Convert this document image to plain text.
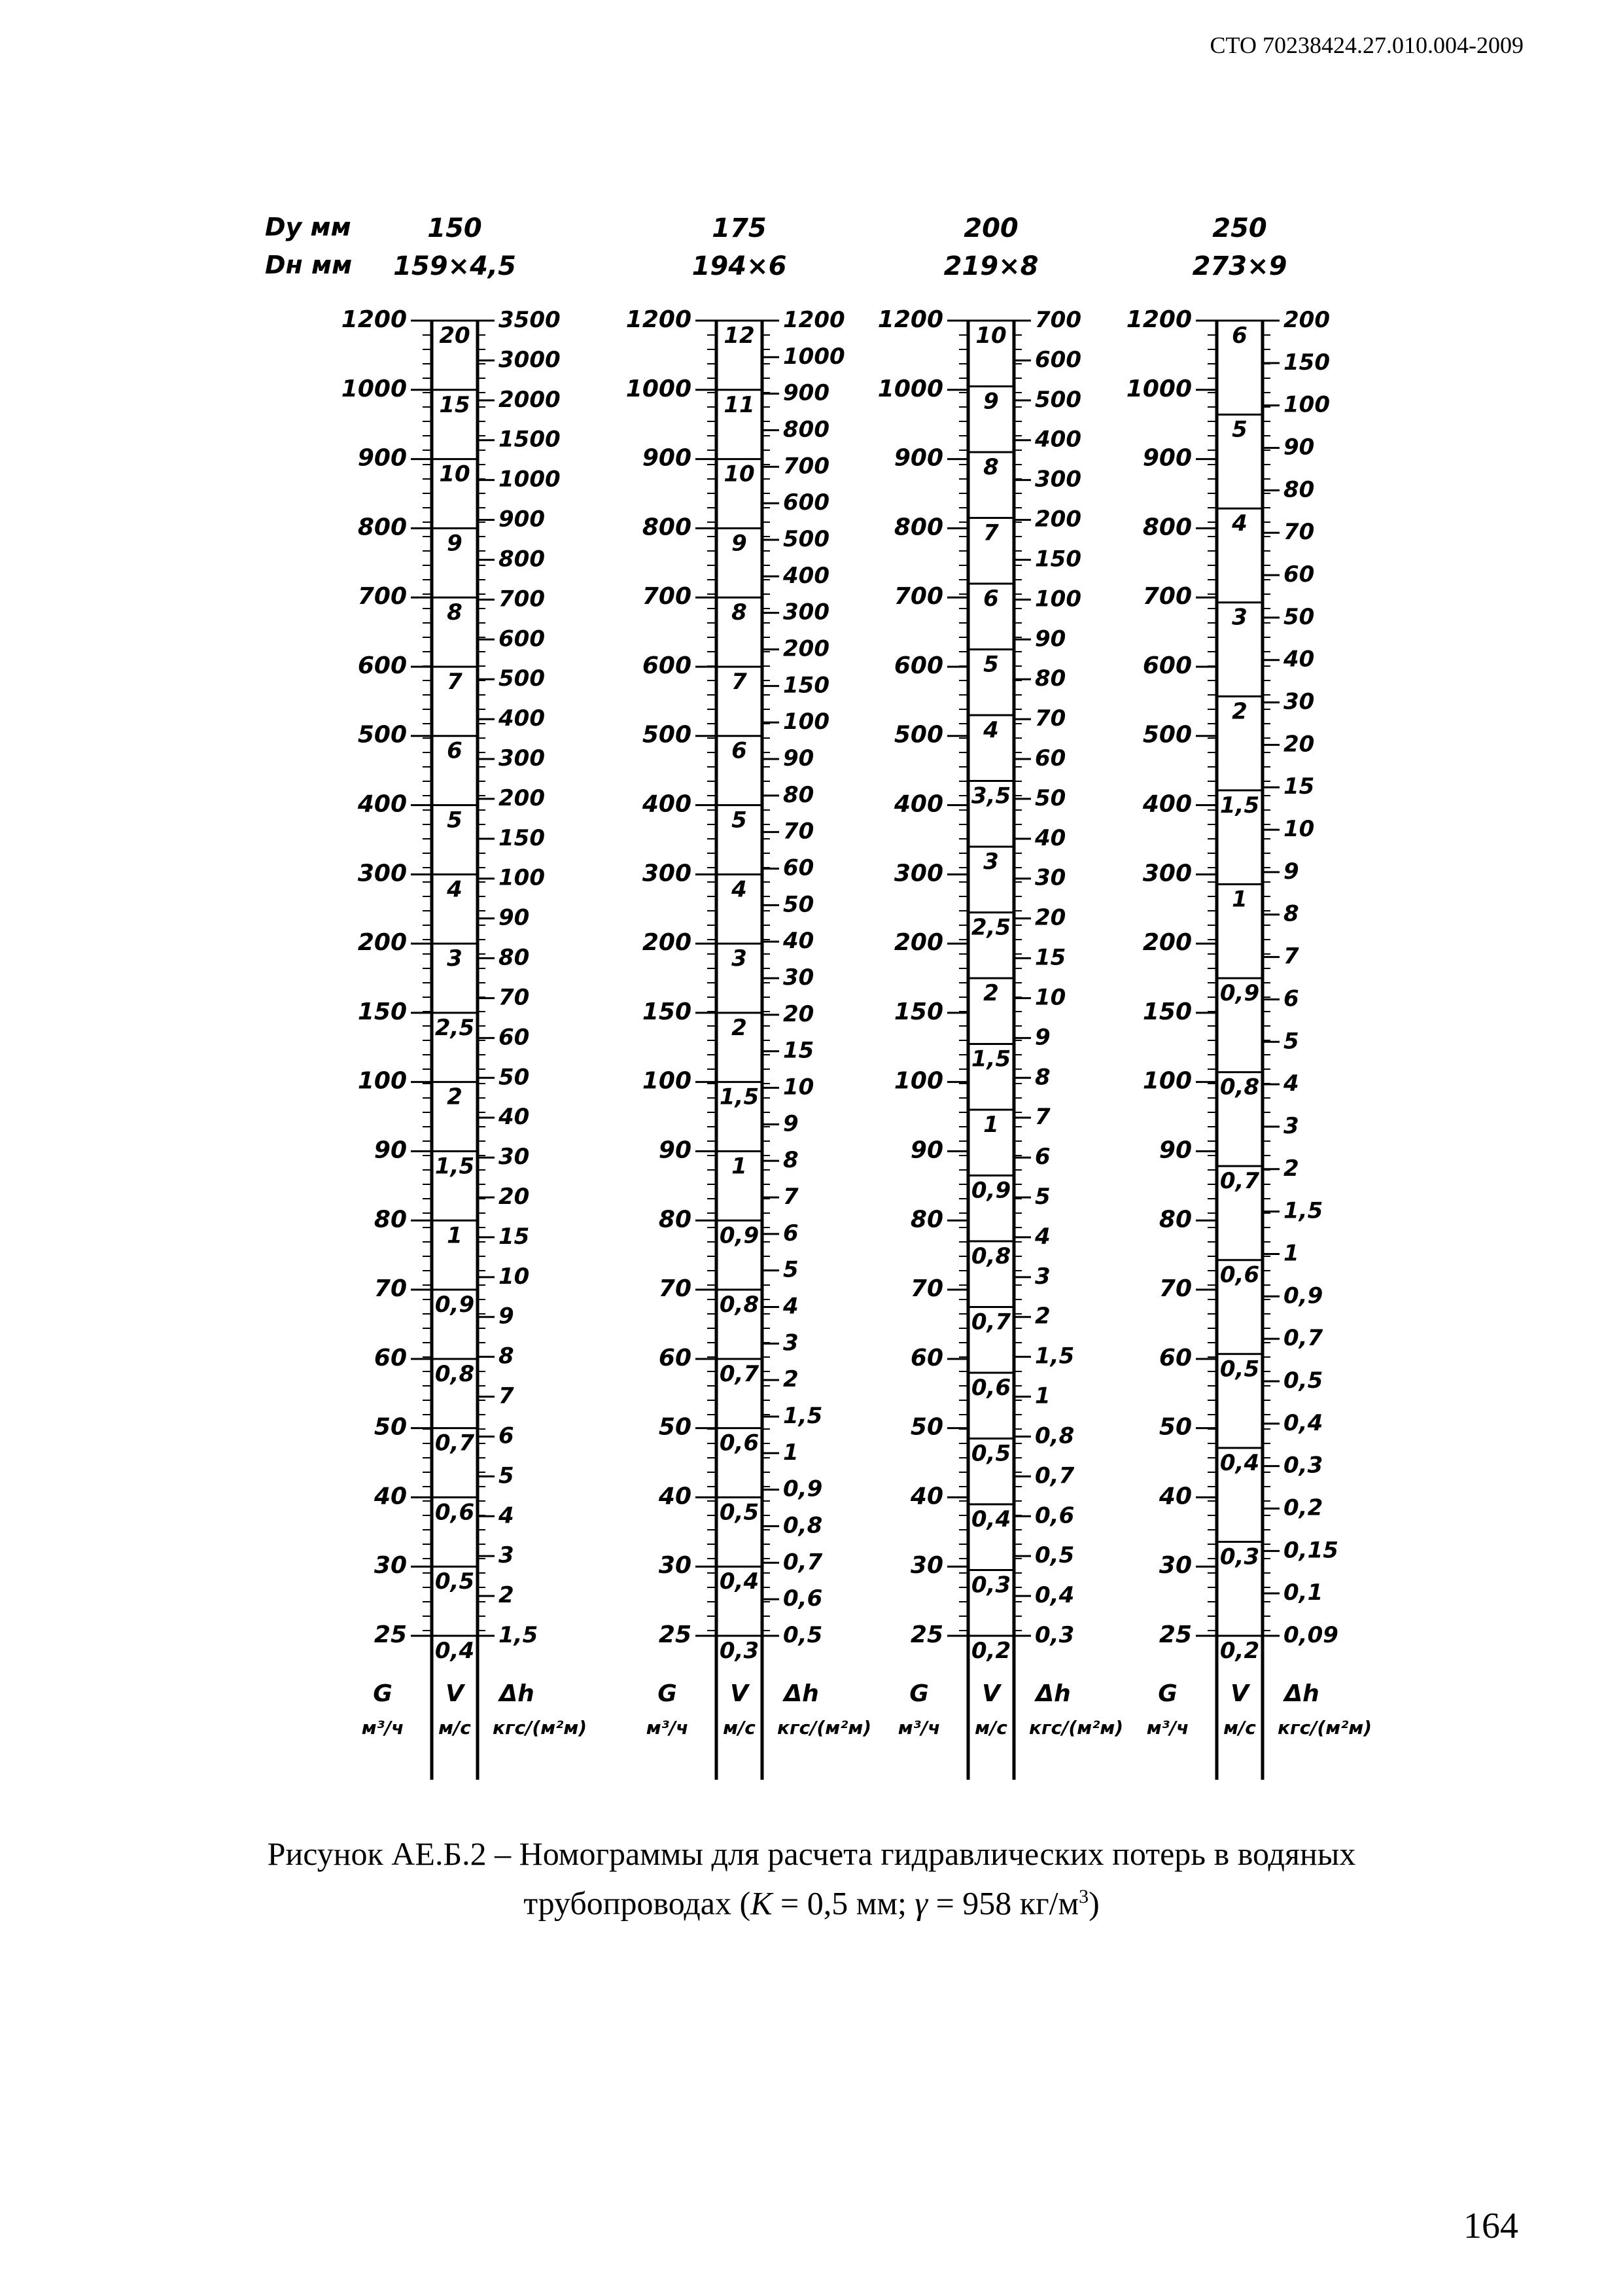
СТО 70238424.27.010.004-2009
Dy мм
Dн мм
150
159×4,5
1200
1000
900
800
700
600
500
400
300
200
150
100
90
80
70
60
50
40
30
25
20
15
10
9
8
7
6
5
4
3
2,5
2
1,5
1
0,9
0,8
0,7
0,6
0,5
0,4
3500
3000
2000
1500
1000
900
800
700
600
500
400
300
200
150
100
90
80
70
60
50
40
30
20
15
10
9
8
7
6
5
4
3
2
1,5
G V Δh
м³/ч м/с кгс/(м²м)
175
194×6
1200
1000
900
800
700
600
500
400
300
200
150
100
90
80
70
60
50
40
30
25
12
11
10
9
8
7
6
5
4
3
2
1,5
1
0,9
0,8
0,7
0,6
0,5
0,4
0,3
1200
1000
900
800
700
600
500
400
300
200
150
100
90
80
70
60
50
40
30
20
15
10
9
8
7
6
5
4
3
2
1,5
1
0,9
0,8
0,7
0,6
0,5
G V Δh
м³/ч м/с кгс/(м²м)
200
219×8
1200
1000
900
800
700
600
500
400
300
200
150
100
90
80
70
60
50
40
30
25
10
9
8
7
6
5
4
3,5
3
2,5
2
1,5
1
0,9
0,8
0,7
0,6
0,5
0,4
0,3
0,2
700
600
500
400
300
200
150
100
90
80
70
60
50
40
30
20
15
10
9
8
7
6
5
4
3
2
1,5
1
0,8
0,7
0,6
0,5
0,4
0,3
G V Δh
м³/ч м/с кгс/(м²м)
250
273×9
1200
1000
900
800
700
600
500
400
300
200
150
100
90
80
70
60
50
40
30
25
6
5
4
3
2
1,5
1
0,9
0,8
0,7
0,6
0,5
0,4
0,3
0,2
200
150
100
90
80
70
60
50
40
30
20
15
10
9
8
7
6
5
4
3
2
1,5
1
0,9
0,7
0,5
0,4
0,3
0,2
0,15
0,1
0,09
G V Δh
м³/ч м/с кгс/(м²м)
Рисунок АЕ.Б.2 – Номограммы для расчета гидравлических потерь в водяных
трубопроводах (K = 0,5 мм; γ = 958 $кг/м^3$)
164
